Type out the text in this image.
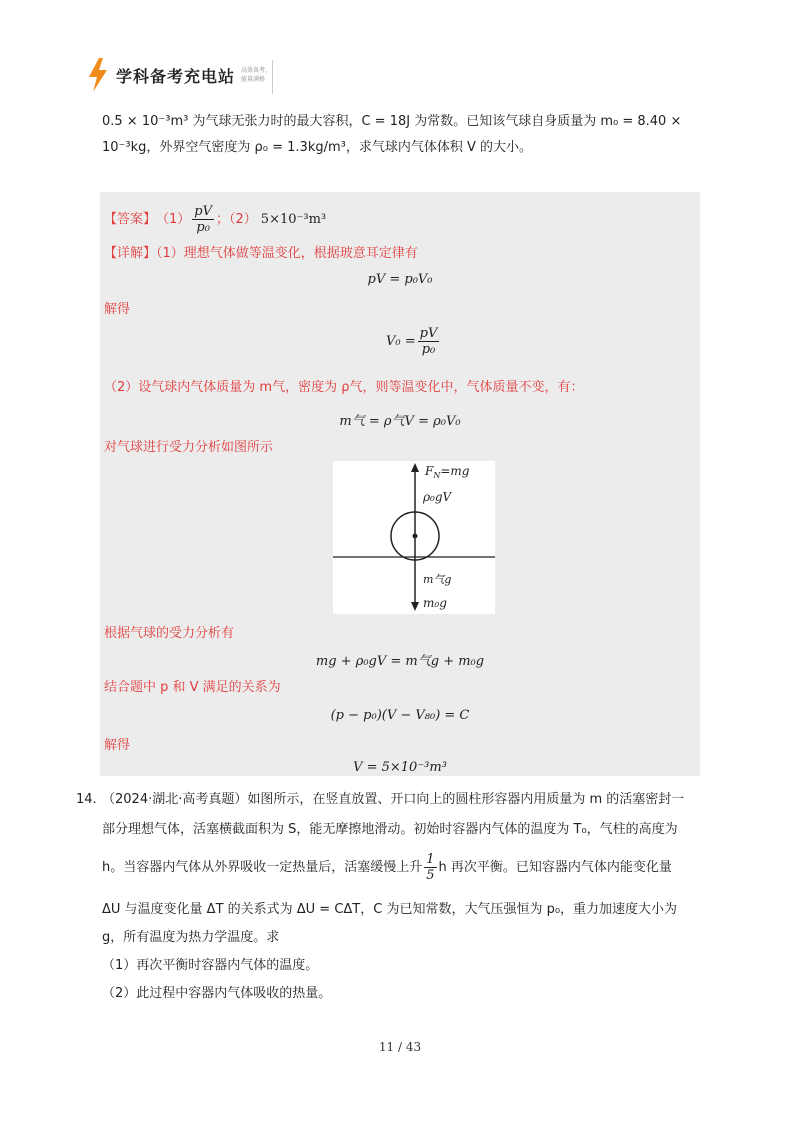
学科备考充电站 高效备考，能量满格
0.5 × 10⁻³m³ 为气球无张力时的最大容积，C = 18J 为常数。已知该气球自身质量为 m₀ = 8.40 ×
10⁻³kg，外界空气密度为 ρ₀ = 1.3kg/m³，求气球内气体体积 V 的大小。
【答案】 $(1) \frac{pV}{\text{p₀}}$ ；（2） 5×10⁻³m³
【详解】（1）理想气体做等温变化，根据玻意耳定律有
pV = p₀V₀
解得
$V_0 = \frac{pV}{\text{p₀}}$
（2）设气球内气体质量为 m气，密度为 ρ气，则等温变化中，气体质量不变，有：
m气 = ρ气V = ρ₀V₀
对气球进行受力分析如图所示
$F_N=mg$
ρ₀gV
m气g
m₀g
根据气球的受力分析有
mg + ρ₀gV = m气g + m₀g
结合题中 p 和 V 满足的关系为
(p − p₀)(V − V₈₀) = C
解得
V = 5×10⁻³m³
14. （2024·湖北·高考真题）如图所示，在竖直放置、开口向上的圆柱形容器内用质量为 m 的活塞密封一
部分理想气体，活塞横截面积为 S，能无摩擦地滑动。初始时容器内气体的温度为 T₀，气柱的高度为
h。当容器内气体从外界吸收一定热量后，活塞缓慢上升 $\frac{1}{5}$ h 再次平衡。已知容器内气体内能变化量
ΔU 与温度变化量 ΔT 的关系式为 ΔU = CΔT，C 为已知常数，大气压强恒为 p₀，重力加速度大小为
g，所有温度为热力学温度。求
（1）再次平衡时容器内气体的温度。
（2）此过程中容器内气体吸收的热量。
11 / 43
